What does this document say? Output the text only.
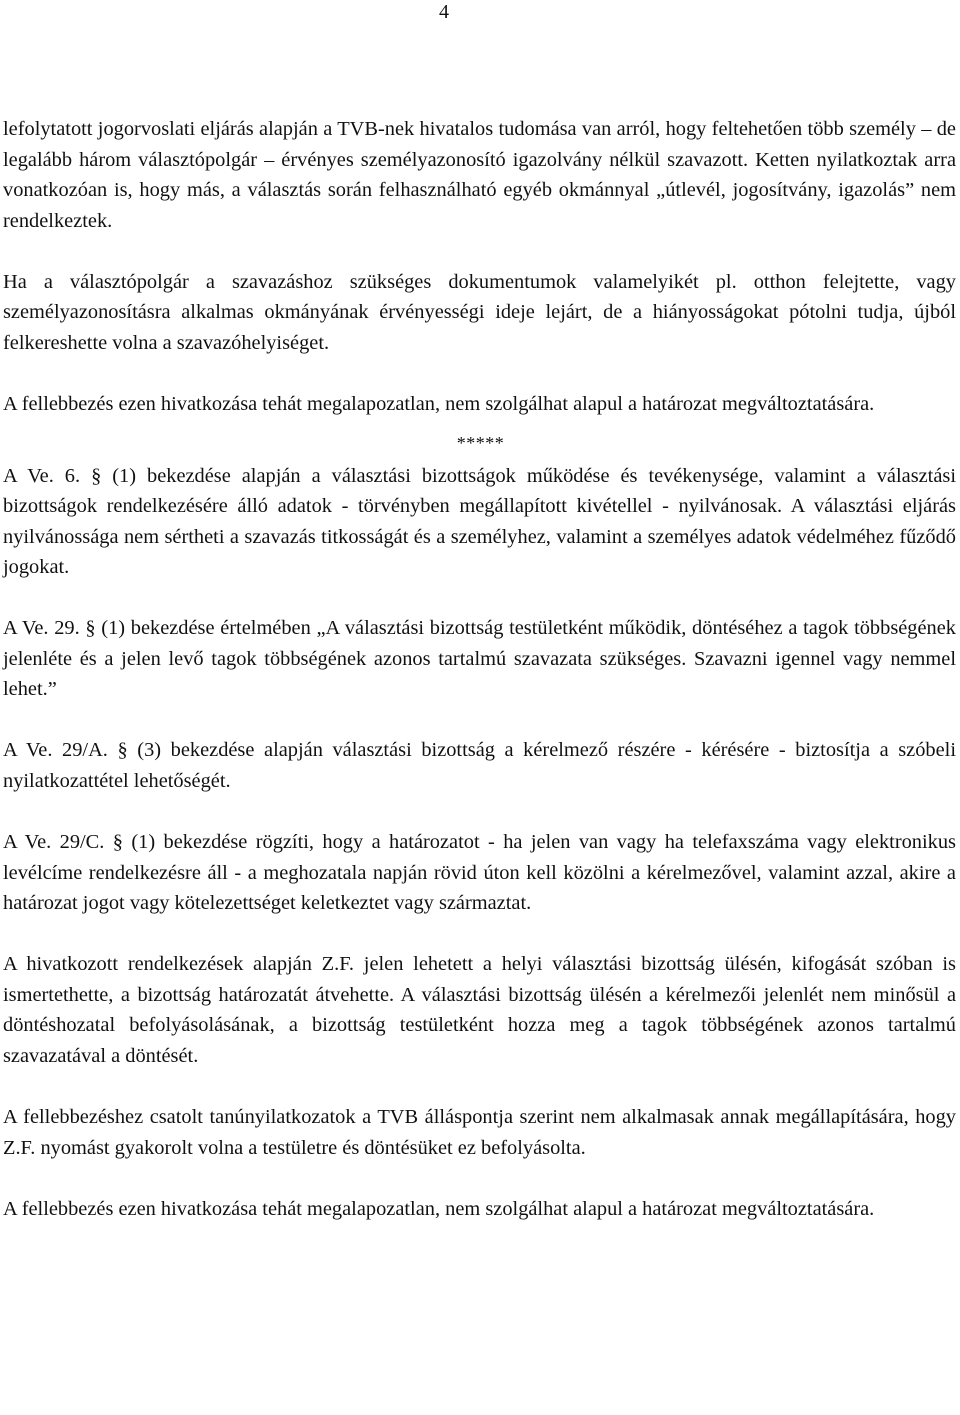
4

lefolytatott jogorvoslati eljárás alapján a TVB-nek hivatalos tudomása van arról, hogy feltehetően több személy – de legalább három választópolgár – érvényes személyazonosító igazolvány nélkül szavazott. Ketten nyilatkoztak arra vonatkozóan is, hogy más, a választás során felhasználható egyéb okmánnyal „útlevél, jogosítvány, igazolás” nem rendelkeztek.

Ha a választópolgár a szavazáshoz szükséges dokumentumok valamelyikét pl. otthon felejtette, vagy személyazonosításra alkalmas okmányának érvényességi ideje lejárt, de a hiányosságokat pótolni tudja, újból felkereshette volna a szavazóhelyiséget.

A fellebbezés ezen hivatkozása tehát megalapozatlan, nem szolgálhat alapul a határozat megváltoztatására.

*****

A Ve. 6. § (1) bekezdése alapján a választási bizottságok működése és tevékenysége, valamint a választási bizottságok rendelkezésére álló adatok - törvényben megállapított kivétellel - nyilvánosak. A választási eljárás nyilvánossága nem sértheti a szavazás titkosságát és a személyhez, valamint a személyes adatok védelméhez fűződő jogokat.

A Ve. 29. § (1) bekezdése értelmében „A választási bizottság testületként működik, döntéséhez a tagok többségének jelenléte és a jelen levő tagok többségének azonos tartalmú szavazata szükséges. Szavazni igennel vagy nemmel lehet.”

A Ve. 29/A. § (3) bekezdése alapján választási bizottság a kérelmező részére - kérésére - biztosítja a szóbeli nyilatkozattétel lehetőségét.

A Ve. 29/C. § (1) bekezdése rögzíti, hogy a határozatot - ha jelen van vagy ha telefaxszáma vagy elektronikus levélcíme rendelkezésre áll - a meghozatala napján rövid úton kell közölni a kérelmezővel, valamint azzal, akire a határozat jogot vagy kötelezettséget keletkeztet vagy származtat.

A hivatkozott rendelkezések alapján Z.F. jelen lehetett a helyi választási bizottság ülésén, kifogását szóban is ismertethette, a bizottság határozatát átvehette. A választási bizottság ülésén a kérelmezői jelenlét nem minősül a döntéshozatal befolyásolásának, a bizottság testületként hozza meg a tagok többségének azonos tartalmú szavazatával a döntését.

A fellebbezéshez csatolt tanúnyilatkozatok a TVB álláspontja szerint nem alkalmasak annak megállapítására, hogy Z.F. nyomást gyakorolt volna a testületre és döntésüket ez befolyásolta.

A fellebbezés ezen hivatkozása tehát megalapozatlan, nem szolgálhat alapul a határozat megváltoztatására.
